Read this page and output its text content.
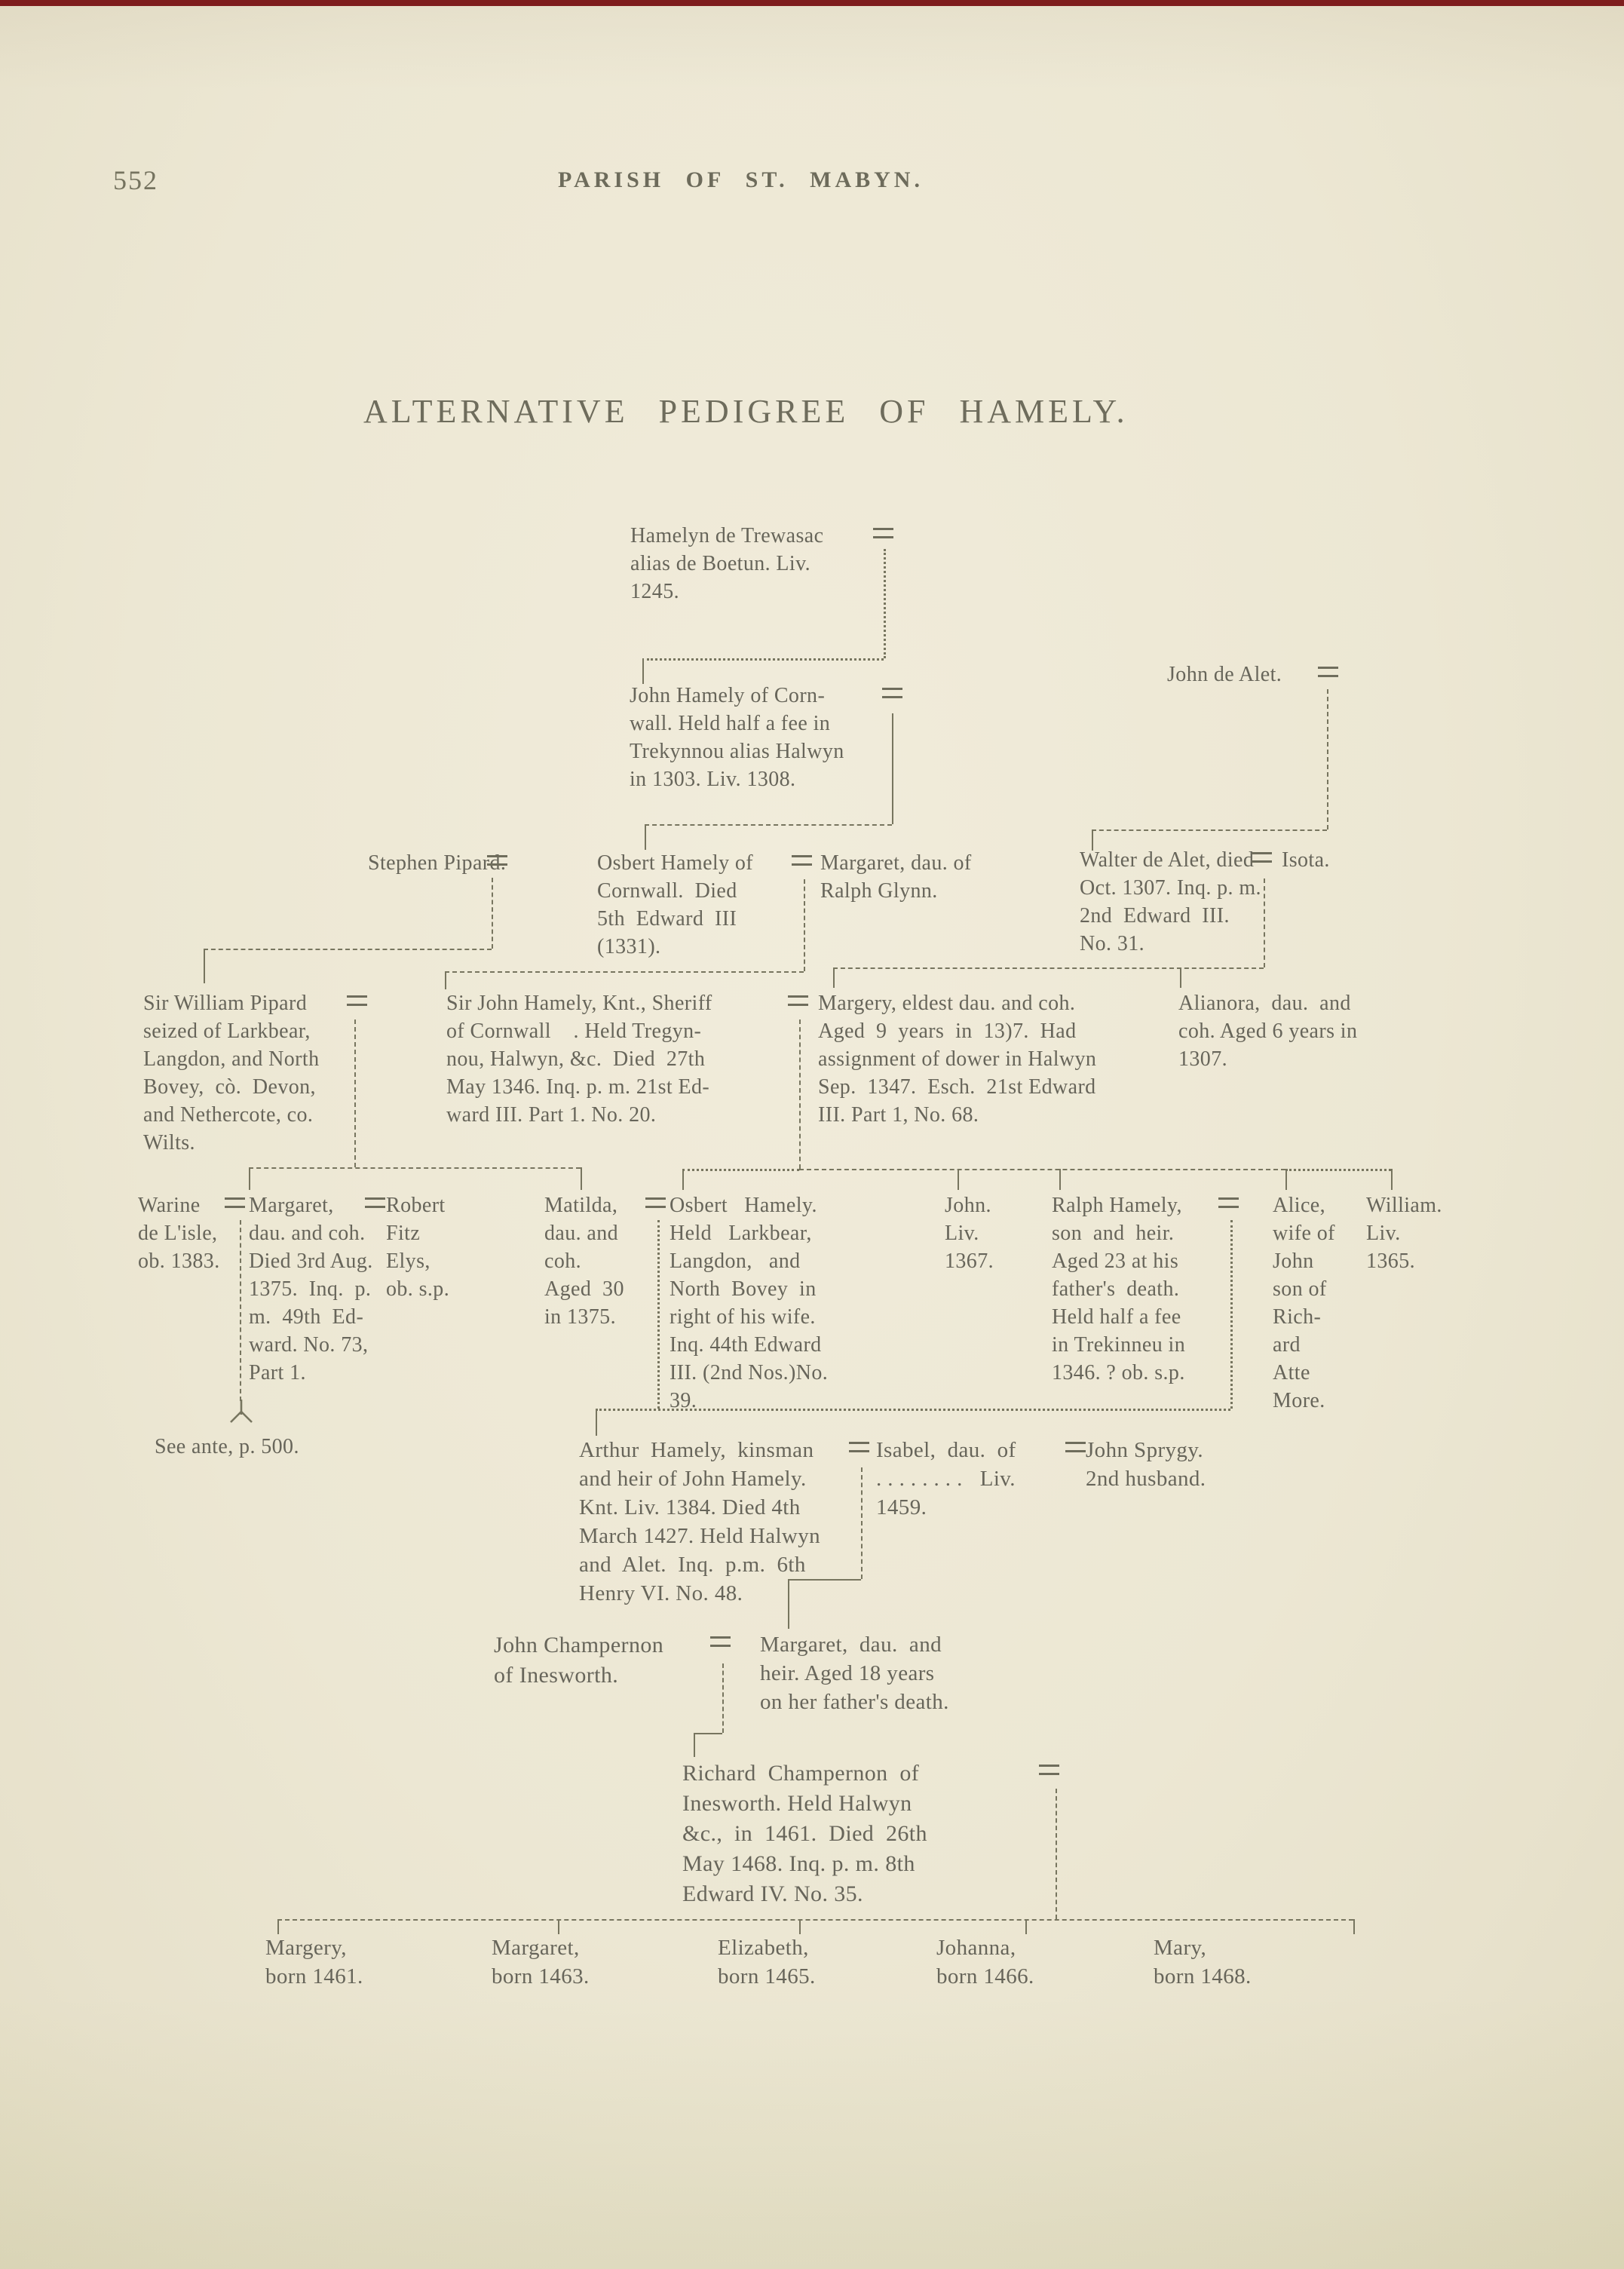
552	PARISH OF ST. MABYN.
ALTERNATIVE PEDIGREE OF HAMELY.
Hamelyn de Trewasac
alias de Boetun. Liv.
1245.
John Hamely of Corn-
wall. Held half a fee in
Trekynnou alias Halwyn
in 1303. Liv. 1308.
John de Alet.
Stephen Pipard.	Osbert Hamely of
Cornwall.  Died
5th  Edward  III
(1331).
Margaret, dau. of
Ralph Glynn.
Walter de Alet, died
Oct. 1307. Inq. p. m.
2nd  Edward  III.
No. 31.
Isota.
Sir William Pipard
seized of Larkbear,
Langdon, and North
Bovey,  cò.  Devon,
and Nethercote, co.
Wilts.
Sir John Hamely, Knt., Sheriff
of Cornwall    . Held Tregyn-
nou, Halwyn, &c.  Died  27th
May 1346. Inq. p. m. 21st Ed-
ward III. Part 1. No. 20.
Margery, eldest dau. and coh.
Aged  9  years  in  13)7.  Had
assignment of dower in Halwyn
Sep.  1347.  Esch.  21st Edward
III. Part 1, No. 68.
Alianora,  dau.  and
coh. Aged 6 years in
1307.
Warine
de L'isle,
ob. 1383.
Margaret,
dau. and coh.
Died 3rd Aug.
1375.  Inq.  p.
m.  49th  Ed-
ward. No. 73,
Part 1.
Robert
Fitz
Elys,
ob. s.p.
Matilda,
dau. and
coh.
Aged  30
in 1375.
Osbert   Hamely.
Held   Larkbear,
Langdon,   and
North  Bovey  in
right of his wife.
Inq. 44th Edward
III. (2nd Nos.)No.
39.
John.
Liv.
1367.
Ralph Hamely,
son  and  heir.
Aged 23 at his
father's  death.
Held half a fee
in Trekinneu in
1346. ? ob. s.p.
Alice,
wife of
John
son of
Rich-
ard
Atte
More.
William.
Liv.
1365.
See ante, p. 500.	Arthur  Hamely,  kinsman
and heir of John Hamely.
Knt. Liv. 1384. Died 4th
March 1427. Held Halwyn
and  Alet.  Inq.  p.m.  6th
Henry VI. No. 48.
Isabel,  dau.  of
. . . . . . . .   Liv.
1459.
John Sprygy.
2nd husband.
John Champernon
of Inesworth.
Margaret,  dau.  and
heir. Aged 18 years
on her father's death.
Richard  Champernon  of
Inesworth. Held Halwyn
&c.,  in  1461.  Died  26th
May 1468. Inq. p. m. 8th
Edward IV. No. 35.
Margery,
born 1461.
Margaret,
born 1463.
Elizabeth,
born 1465.
Johanna,
born 1466.
Mary,
born 1468.
